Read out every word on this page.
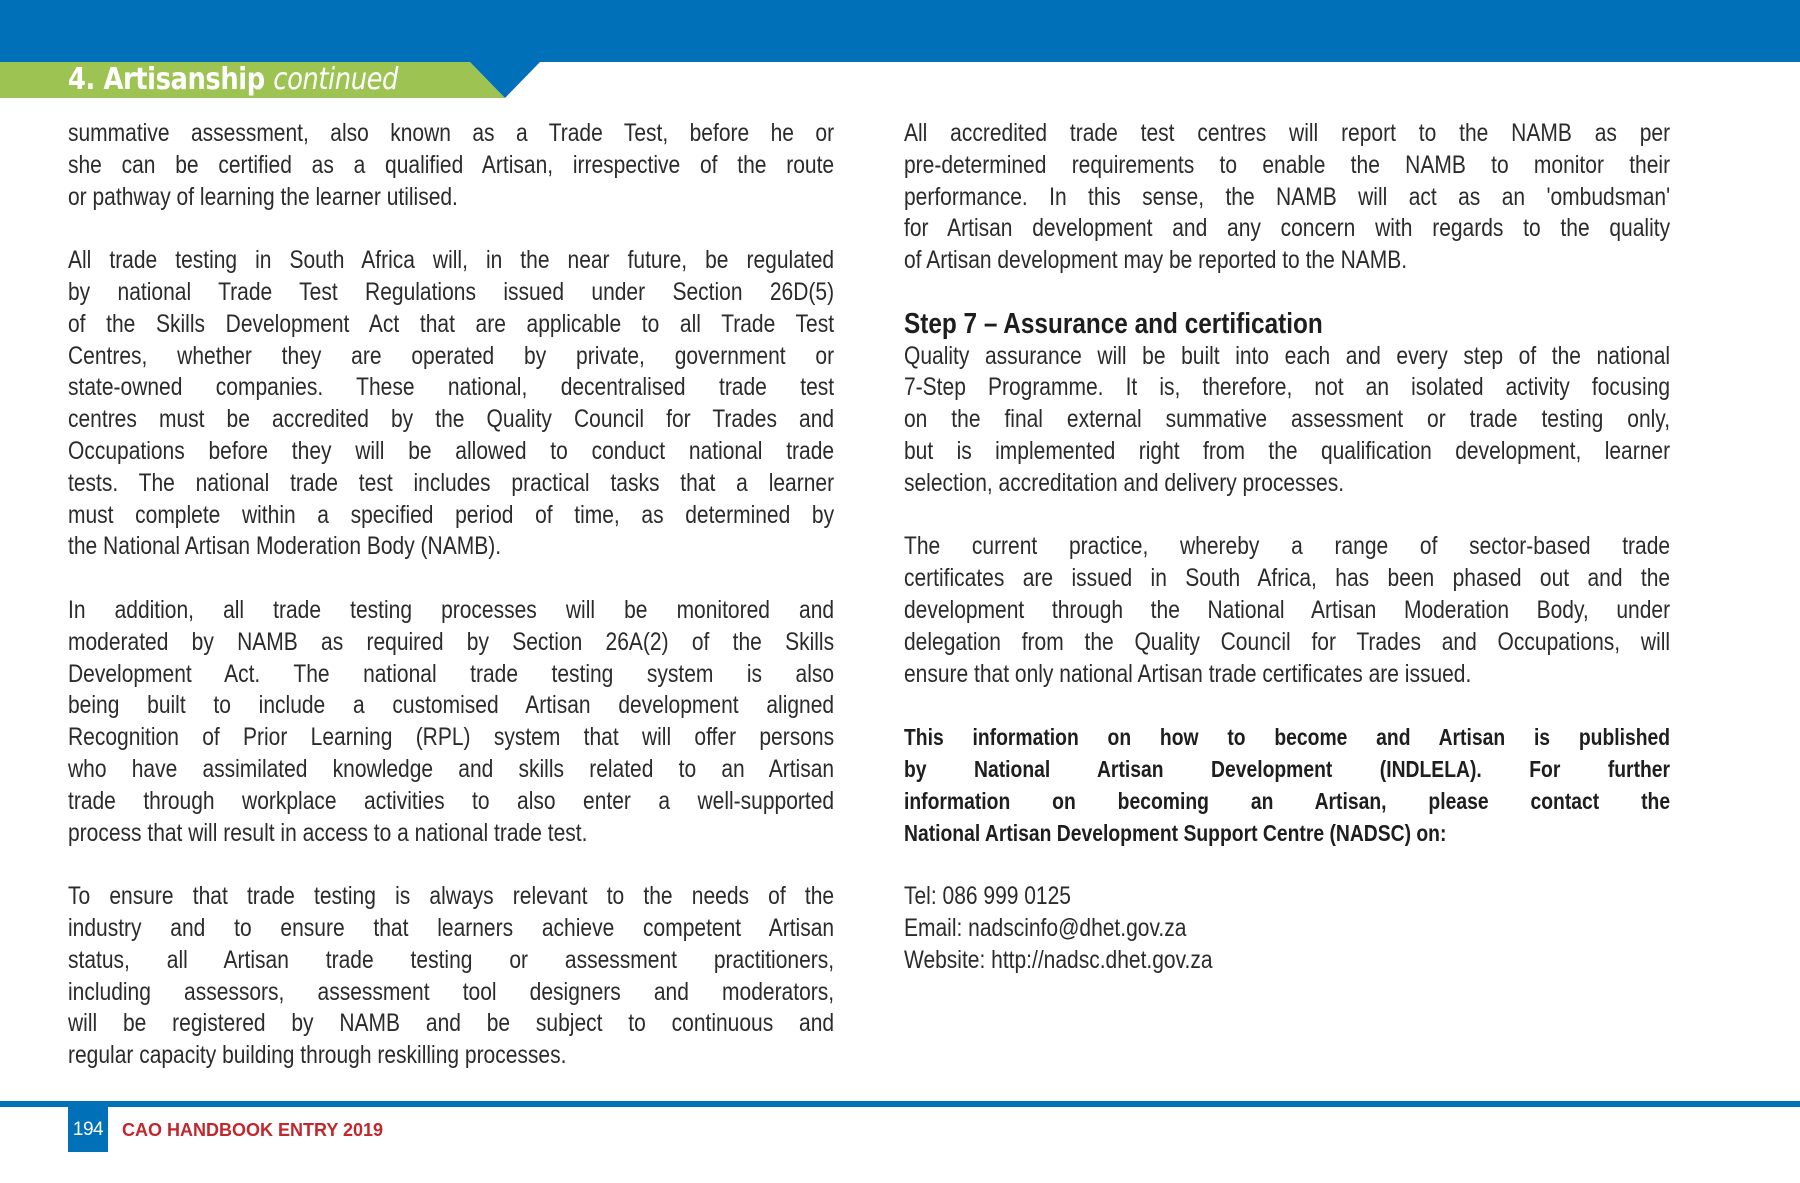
4. Artisanship continued
summative assessment, also known as a Trade Test, before he or
she can be certified as a qualified Artisan, irrespective of the route
or pathway of learning the learner utilised.
All trade testing in South Africa will, in the near future, be regulated
by national Trade Test Regulations issued under Section 26D(5)
of the Skills Development Act that are applicable to all Trade Test
Centres, whether they are operated by private, government or
state-owned companies. These national, decentralised trade test
centres must be accredited by the Quality Council for Trades and
Occupations before they will be allowed to conduct national trade
tests. The national trade test includes practical tasks that a learner
must complete within a specified period of time, as determined by
the National Artisan Moderation Body (NAMB).
In addition, all trade testing processes will be monitored and
moderated by NAMB as required by Section 26A(2) of the Skills
Development Act. The national trade testing system is also
being built to include a customised Artisan development aligned
Recognition of Prior Learning (RPL) system that will offer persons
who have assimilated knowledge and skills related to an Artisan
trade through workplace activities to also enter a well-supported
process that will result in access to a national trade test.
To ensure that trade testing is always relevant to the needs of the
industry and to ensure that learners achieve competent Artisan
status, all Artisan trade testing or assessment practitioners,
including assessors, assessment tool designers and moderators,
will be registered by NAMB and be subject to continuous and
regular capacity building through reskilling processes.
All accredited trade test centres will report to the NAMB as per
pre-determined requirements to enable the NAMB to monitor their
performance. In this sense, the NAMB will act as an 'ombudsman'
for Artisan development and any concern with regards to the quality
of Artisan development may be reported to the NAMB.
Step 7 – Assurance and certification
Quality assurance will be built into each and every step of the national
7-Step Programme. It is, therefore, not an isolated activity focusing
on the final external summative assessment or trade testing only,
but is implemented right from the qualification development, learner
selection, accreditation and delivery processes.
The current practice, whereby a range of sector-based trade
certificates are issued in South Africa, has been phased out and the
development through the National Artisan Moderation Body, under
delegation from the Quality Council for Trades and Occupations, will
ensure that only national Artisan trade certificates are issued.
This information on how to become and Artisan is published
by National Artisan Development (INDLELA). For further
information on becoming an Artisan, please contact the
National Artisan Development Support Centre (NADSC) on:
Tel: 086 999 0125
Email: nadscinfo@dhet.gov.za
Website: http://nadsc.dhet.gov.za
194 CAO HANDBOOK ENTRY 2019
